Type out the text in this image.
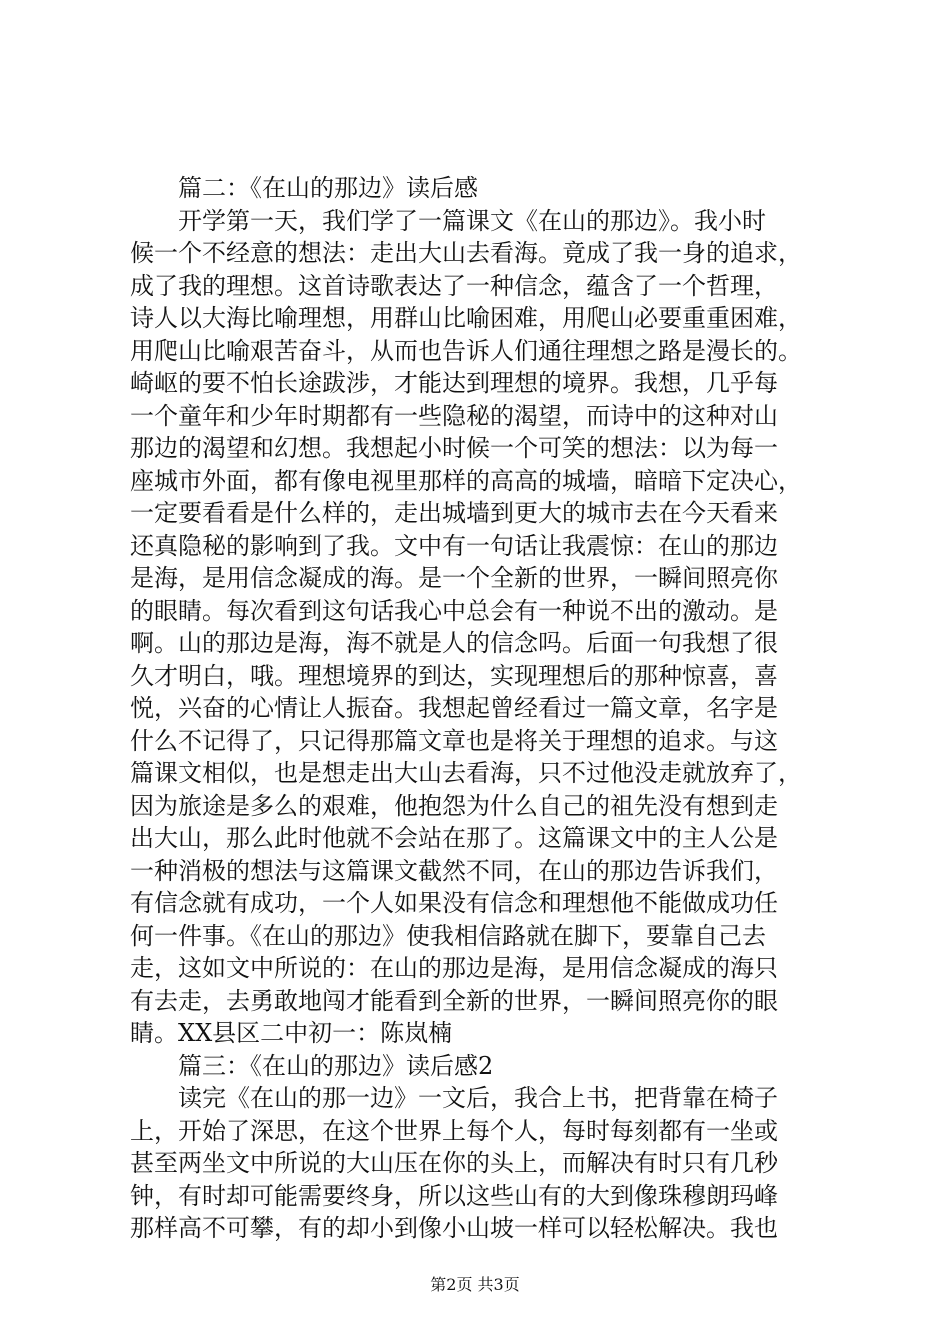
篇二：《在山的那边》读后感
开学第一天，我们学了一篇课文《在山的那边》。我小时
候一个不经意的想法：走出大山去看海。竟成了我一身的追求，
成了我的理想。这首诗歌表达了一种信念，蕴含了一个哲理，
诗人以大海比喻理想，用群山比喻困难，用爬山必要重重困难，
用爬山比喻艰苦奋斗，从而也告诉人们通往理想之路是漫长的。
崎岖的要不怕长途跋涉，才能达到理想的境界。我想，几乎每
一个童年和少年时期都有一些隐秘的渴望，而诗中的这种对山
那边的渴望和幻想。我想起小时候一个可笑的想法：以为每一
座城市外面，都有像电视里那样的高高的城墙，暗暗下定决心，
一定要看看是什么样的，走出城墙到更大的城市去在今天看来
还真隐秘的影响到了我。文中有一句话让我震惊：在山的那边
是海，是用信念凝成的海。是一个全新的世界，一瞬间照亮你
的眼睛。每次看到这句话我心中总会有一种说不出的激动。是
啊。山的那边是海，海不就是人的信念吗。后面一句我想了很
久才明白，哦。理想境界的到达，实现理想后的那种惊喜，喜
悦，兴奋的心情让人振奋。我想起曾经看过一篇文章，名字是
什么不记得了，只记得那篇文章也是将关于理想的追求。与这
篇课文相似，也是想走出大山去看海，只不过他没走就放弃了，
因为旅途是多么的艰难，他抱怨为什么自己的祖先没有想到走
出大山，那么此时他就不会站在那了。这篇课文中的主人公是
一种消极的想法与这篇课文截然不同，在山的那边告诉我们，
有信念就有成功，一个人如果没有信念和理想他不能做成功任
何一件事。《在山的那边》使我相信路就在脚下，要靠自己去
走，这如文中所说的：在山的那边是海，是用信念凝成的海只
有去走，去勇敢地闯才能看到全新的世界，一瞬间照亮你的眼
睛。XX县区二中初一：陈岚楠
篇三：《在山的那边》读后感2
读完《在山的那一边》一文后，我合上书，把背靠在椅子
上，开始了深思，在这个世界上每个人，每时每刻都有一坐或
甚至两坐文中所说的大山压在你的头上，而解决有时只有几秒
钟，有时却可能需要终身，所以这些山有的大到像珠穆朗玛峰
那样高不可攀，有的却小到像小山坡一样可以轻松解决。我也
第2页 共3页
